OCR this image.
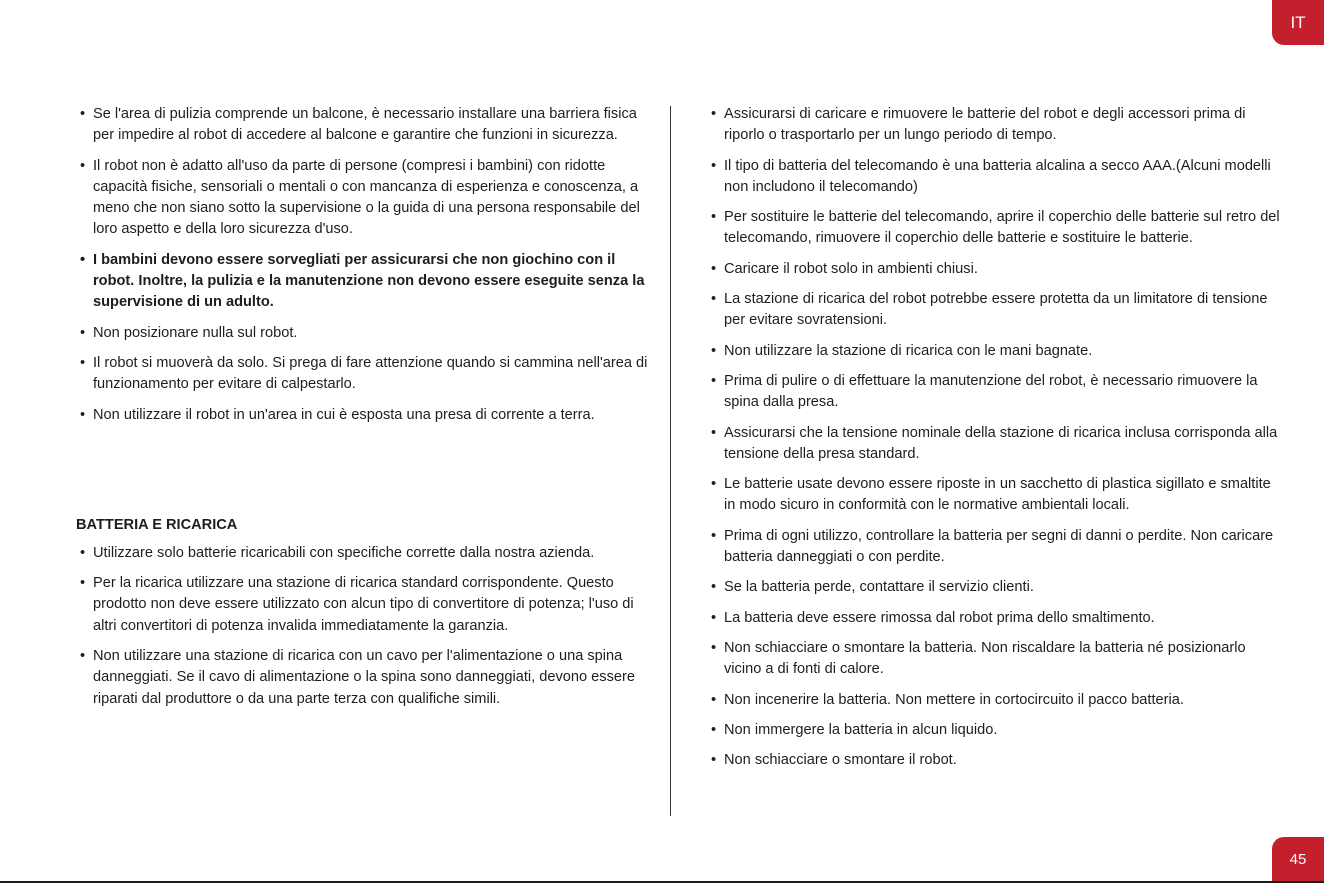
IT
• Se l'area di pulizia comprende un balcone, è necessario installare una barriera fisica per impedire al robot di accedere al balcone e garantire che funzioni in sicurezza.
• Il robot non è adatto all'uso da parte di persone (compresi i bambini) con ridotte capacità fisiche, sensoriali o mentali o con mancanza di esperienza e conoscenza, a meno che non siano sotto la supervisione o la guida di una persona responsabile del loro aspetto e della loro sicurezza d'uso.
• I bambini devono essere sorvegliati per assicurarsi che non giochino con il robot. Inoltre, la pulizia e la manutenzione non devono essere eseguite senza la supervisione di un adulto.
• Non posizionare nulla sul robot.
• Il robot si muoverà da solo. Si prega di fare attenzione quando si cammina nell'area di funzionamento per evitare di calpestarlo.
• Non utilizzare il robot in un'area in cui è esposta una presa di corrente a terra.
BATTERIA E RICARICA
• Utilizzare solo batterie ricaricabili con specifiche corrette dalla nostra azienda.
• Per la ricarica utilizzare una stazione di ricarica standard corrispondente. Questo prodotto non deve essere utilizzato con alcun tipo di convertitore di potenza; l'uso di altri convertitori di potenza invalida immediatamente la garanzia.
• Non utilizzare una stazione di ricarica con un cavo per l'alimentazione o una spina danneggiati. Se il cavo di alimentazione o la spina sono danneggiati, devono essere riparati dal produttore o da una parte terza con qualifiche simili.
• Assicurarsi di caricare e rimuovere le batterie del robot e degli accessori prima di riporlo o trasportarlo per un lungo periodo di tempo.
• Il tipo di batteria del telecomando è una batteria alcalina a secco AAA.(Alcuni modelli non includono il telecomando)
• Per sostituire le batterie del telecomando, aprire il coperchio delle batterie sul retro del telecomando, rimuovere il coperchio delle batterie e sostituire le batterie.
• Caricare il robot solo in ambienti chiusi.
• La stazione di ricarica del robot potrebbe essere protetta da un limitatore di tensione per evitare sovratensioni.
• Non utilizzare la stazione di ricarica con le mani bagnate.
• Prima di pulire o di effettuare la manutenzione del robot, è necessario rimuovere la spina dalla presa.
• Assicurarsi che la tensione nominale della stazione di ricarica inclusa corrisponda alla tensione della presa standard.
• Le batterie usate devono essere riposte in un sacchetto di plastica sigillato e smaltite in modo sicuro in conformità con le normative ambientali locali.
• Prima di ogni utilizzo, controllare la batteria per segni di danni o perdite. Non caricare batteria danneggiati o con perdite.
• Se la batteria perde, contattare il servizio clienti.
• La batteria deve essere rimossa dal robot prima dello smaltimento.
• Non schiacciare o smontare la batteria. Non riscaldare la batteria né posizionarlo vicino a di fonti di calore.
• Non incenerire la batteria. Non mettere in cortocircuito il pacco batteria.
• Non immergere la batteria in alcun liquido.
• Non schiacciare o smontare il robot.
45
